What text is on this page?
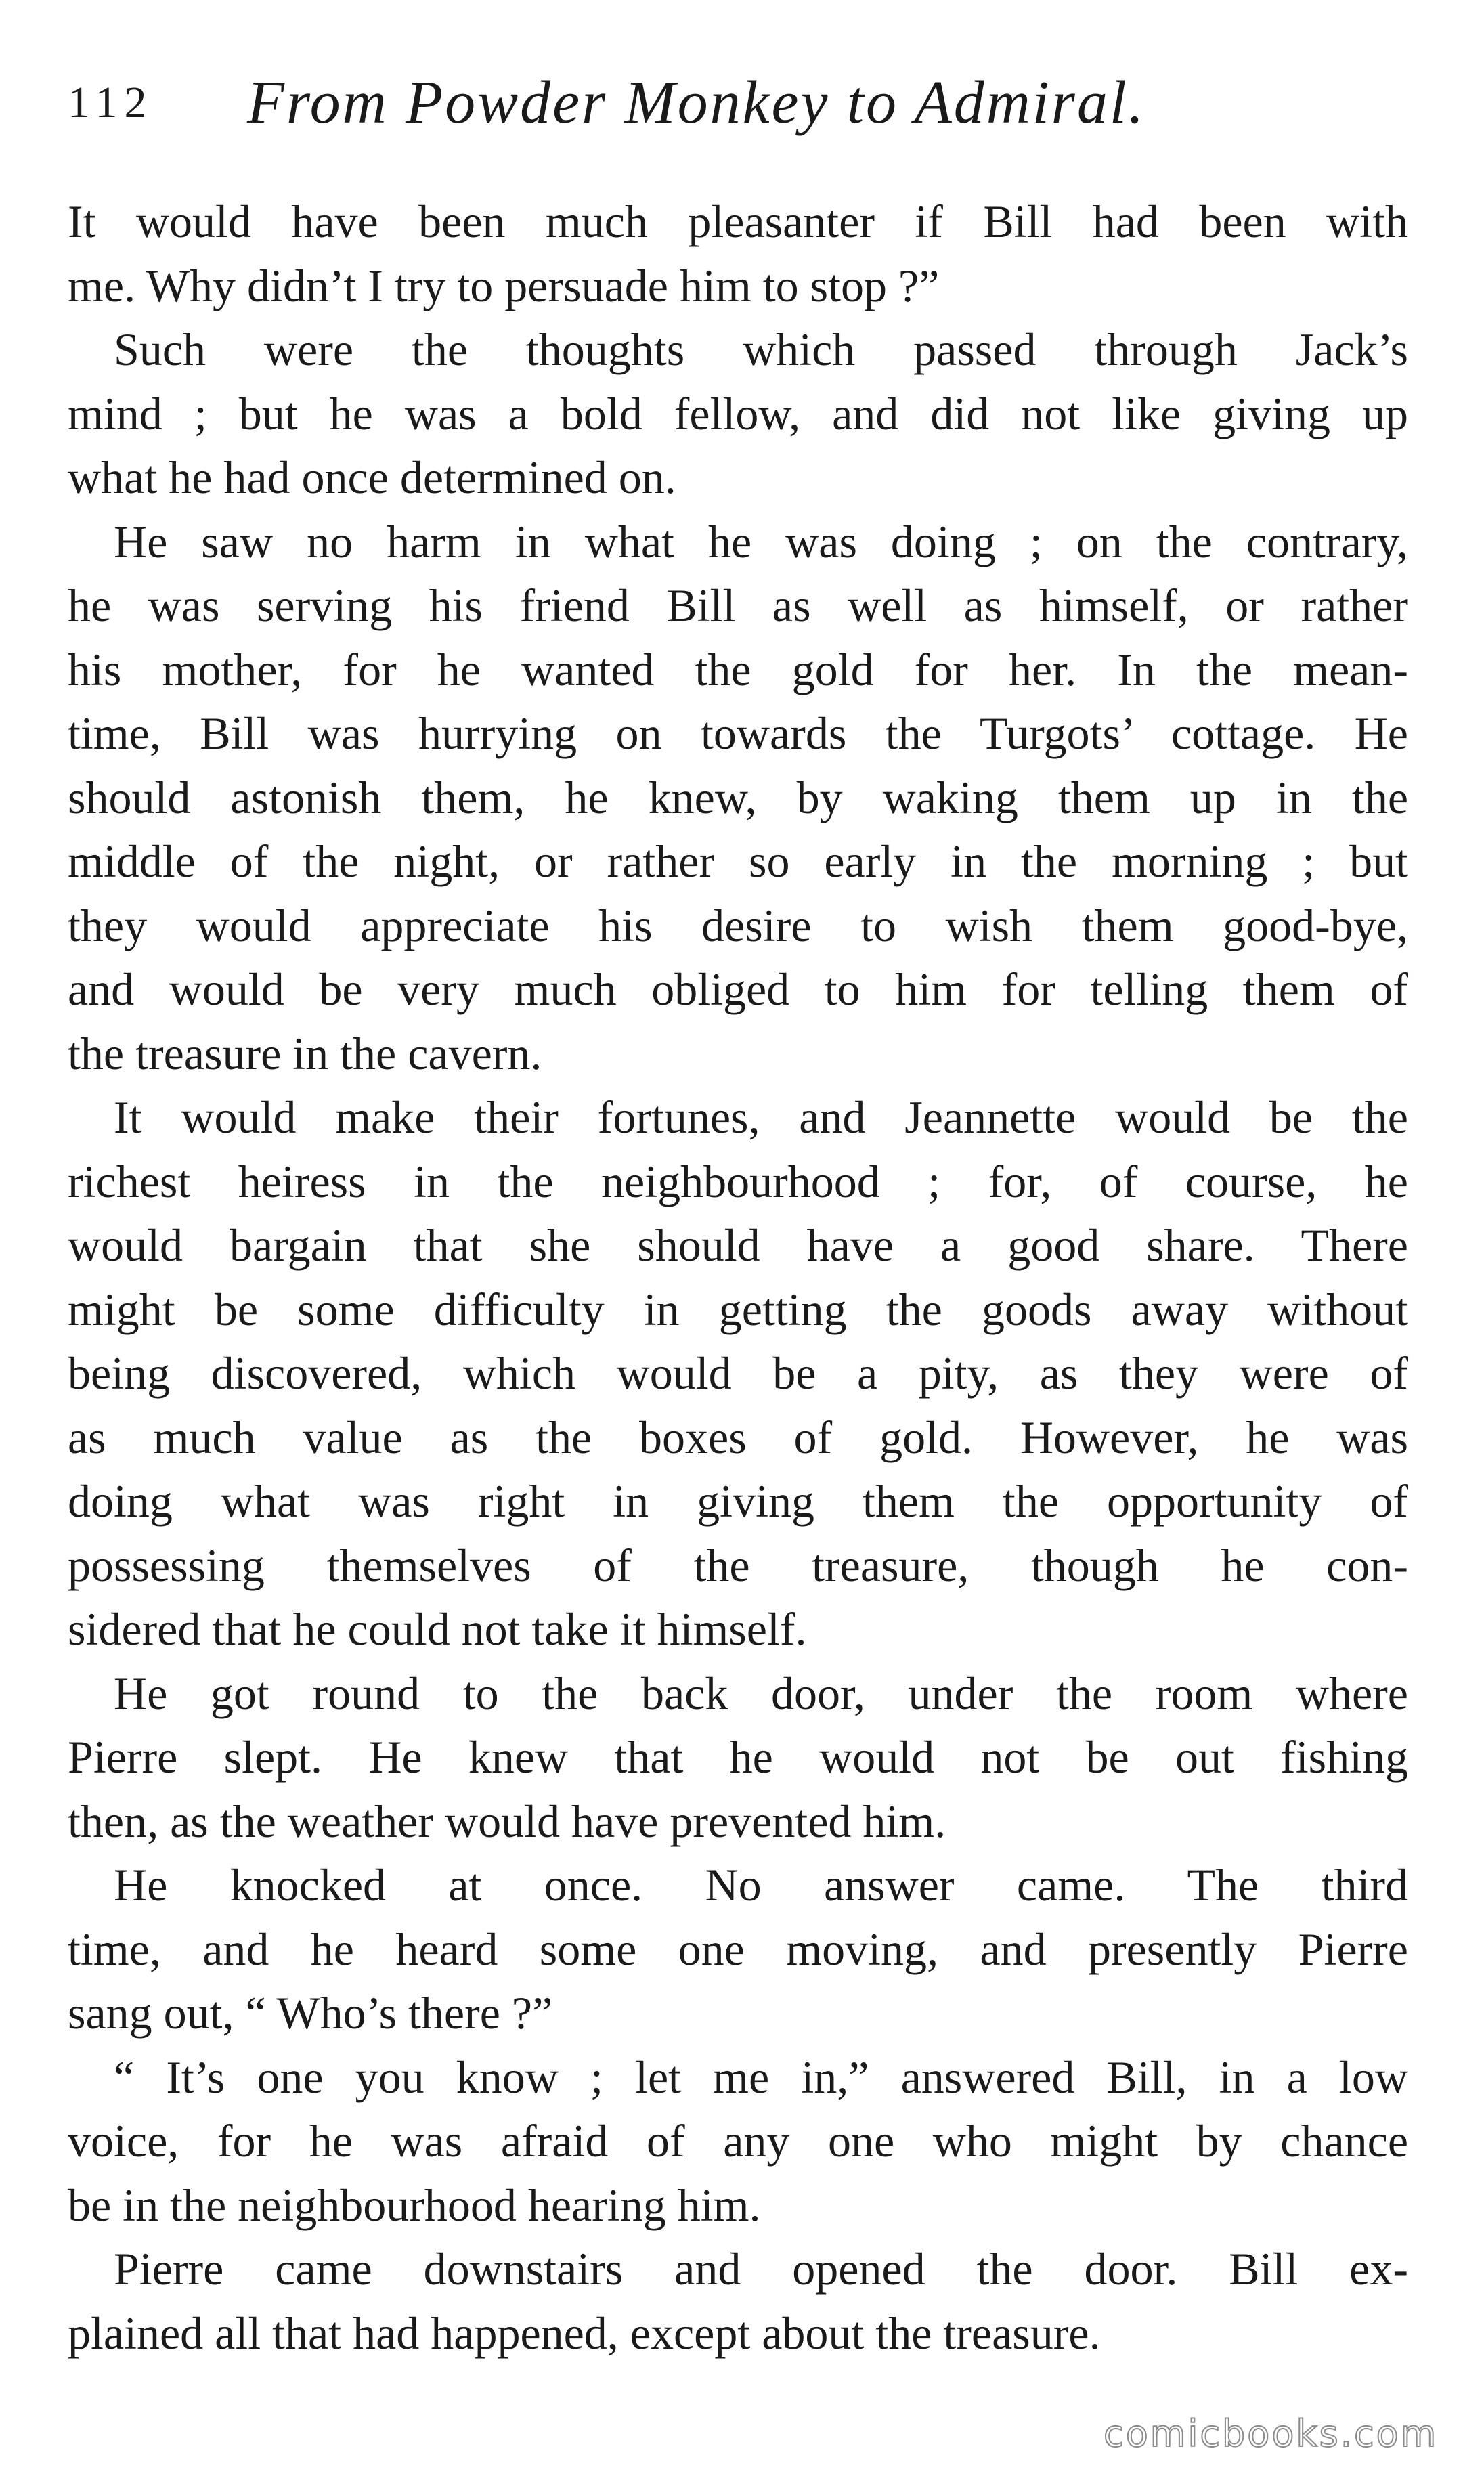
112 From Powder Monkey to Admiral.
It would have been much pleasanter if Bill had been with
me. Why didn’t I try to persuade him to stop ?”
Such were the thoughts which passed through Jack’s
mind ; but he was a bold fellow, and did not like giving up
what he had once determined on.
He saw no harm in what he was doing ; on the contrary,
he was serving his friend Bill as well as himself, or rather
his mother, for he wanted the gold for her. In the mean-
time, Bill was hurrying on towards the Turgots’ cottage. He
should astonish them, he knew, by waking them up in the
middle of the night, or rather so early in the morning ; but
they would appreciate his desire to wish them good-bye,
and would be very much obliged to him for telling them of
the treasure in the cavern.
It would make their fortunes, and Jeannette would be the
richest heiress in the neighbourhood ; for, of course, he
would bargain that she should have a good share. There
might be some difficulty in getting the goods away without
being discovered, which would be a pity, as they were of
as much value as the boxes of gold. However, he was
doing what was right in giving them the opportunity of
possessing themselves of the treasure, though he con-
sidered that he could not take it himself.
He got round to the back door, under the room where
Pierre slept. He knew that he would not be out fishing
then, as the weather would have prevented him.
He knocked at once. No answer came. The third
time, and he heard some one moving, and presently Pierre
sang out, “ Who’s there ?”
“ It’s one you know ; let me in,” answered Bill, in a low
voice, for he was afraid of any one who might by chance
be in the neighbourhood hearing him.
Pierre came downstairs and opened the door. Bill ex-
plained all that had happened, except about the treasure.
comicbooks.com
